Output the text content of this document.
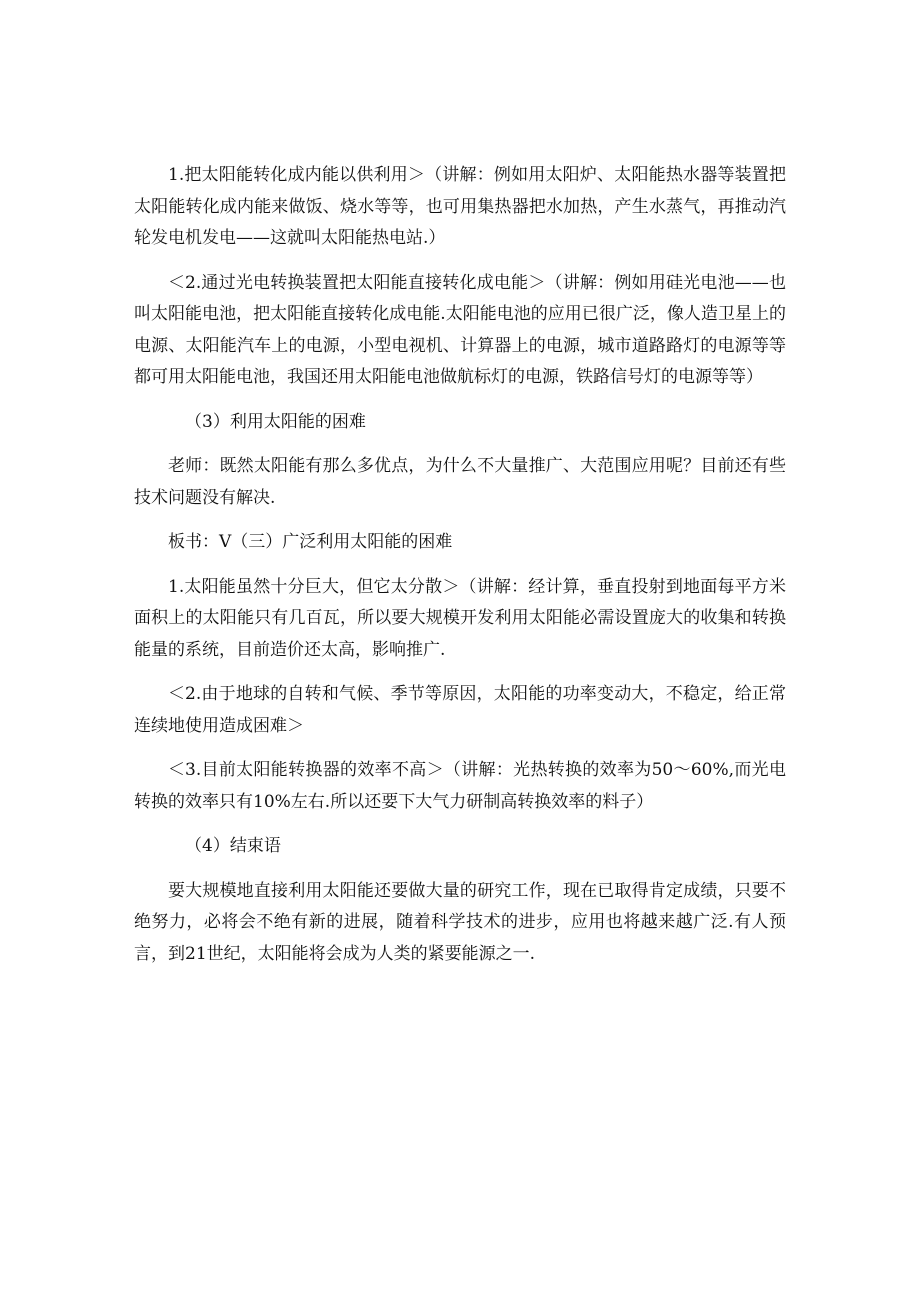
1.把太阳能转化成内能以供利用＞（讲解：例如用太阳炉、太阳能热水器等装置把太阳能转化成内能来做饭、烧水等等，也可用集热器把水加热，产生水蒸气，再推动汽轮发电机发电——这就叫太阳能热电站.）

＜2.通过光电转换装置把太阳能直接转化成电能＞（讲解：例如用硅光电池——也叫太阳能电池，把太阳能直接转化成电能.太阳能电池的应用已很广泛，像人造卫星上的电源、太阳能汽车上的电源，小型电视机、计算器上的电源，城市道路路灯的电源等等都可用太阳能电池，我国还用太阳能电池做航标灯的电源，铁路信号灯的电源等等）

（3）利用太阳能的困难

老师：既然太阳能有那么多优点，为什么不大量推广、大范围应用呢？目前还有些技术问题没有解决.

板书：V（三）广泛利用太阳能的困难

1.太阳能虽然十分巨大，但它太分散＞（讲解：经计算，垂直投射到地面每平方米面积上的太阳能只有几百瓦，所以要大规模开发利用太阳能必需设置庞大的收集和转换能量的系统，目前造价还太高，影响推广.

＜2.由于地球的自转和气候、季节等原因，太阳能的功率变动大，不稳定，给正常连续地使用造成困难＞

＜3.目前太阳能转换器的效率不高＞（讲解：光热转换的效率为50～60%,而光电转换的效率只有10%左右.所以还要下大气力研制高转换效率的料子）

（4）结束语

要大规模地直接利用太阳能还要做大量的研究工作，现在已取得肯定成绩，只要不绝努力，必将会不绝有新的进展，随着科学技术的进步，应用也将越来越广泛.有人预言，到21世纪，太阳能将会成为人类的紧要能源之一.
